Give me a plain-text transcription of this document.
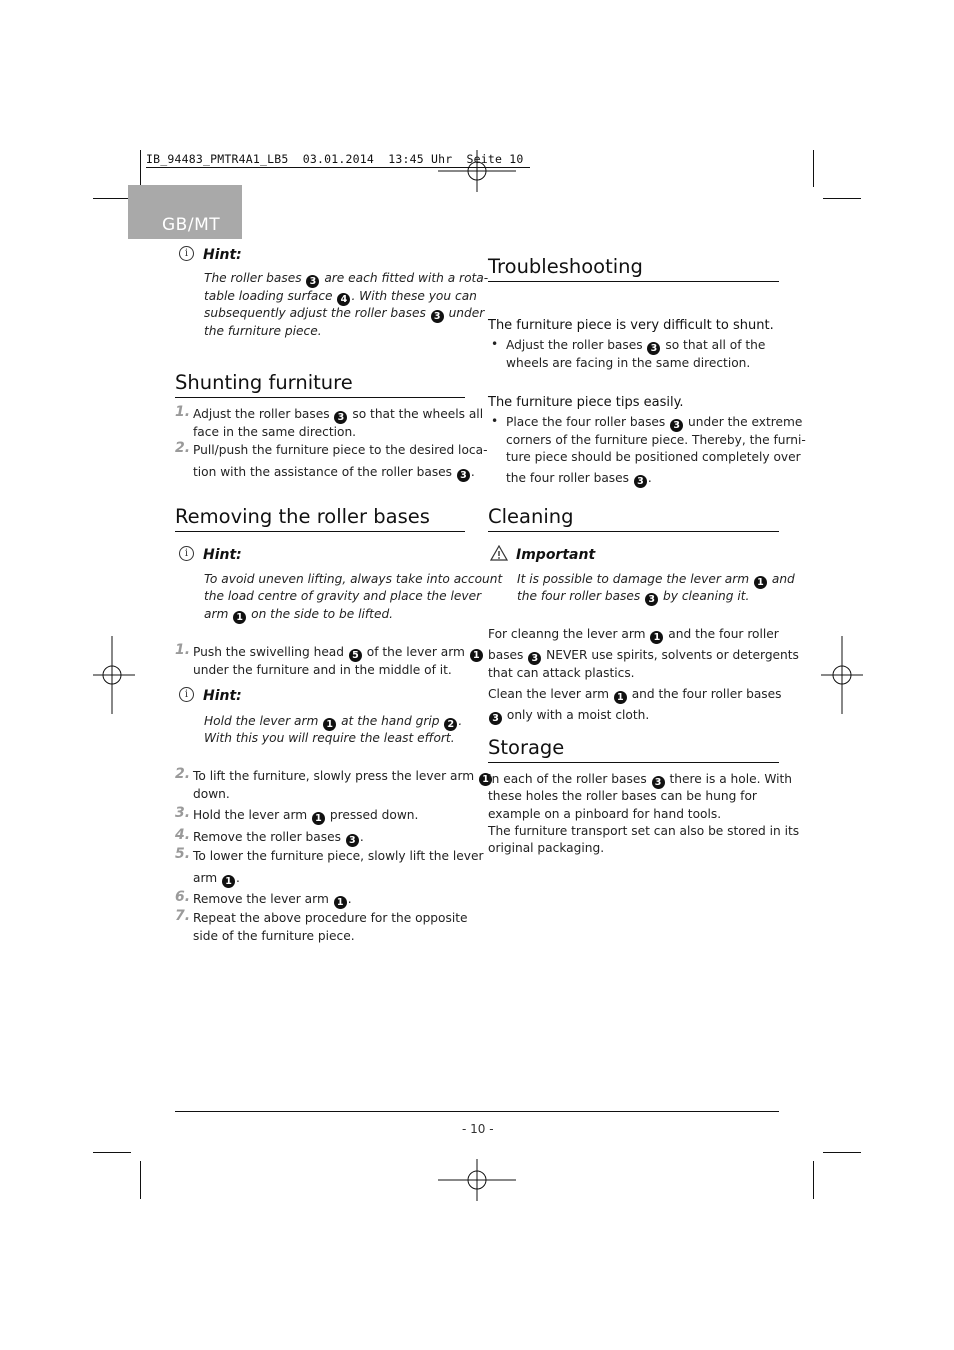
IB_94483_PMTR4A1_LB5  03.01.2014  13:45 Uhr  Seite 10
GB/MT
i	Hint:
The roller bases 3 are each fitted with a rota-
table loading surface 4 . With these you can
subsequently adjust the roller bases 3 under
the furniture piece.
Shunting furniture
1. Adjust the roller bases 3 so that the wheels all
face in the same direction.
2. Pull/push the furniture piece to the desired loca-
tion with the assistance of the roller bases 3 .
Removing the roller bases
i	Hint:
To avoid uneven lifting, always take into account
the load centre of gravity and place the lever
arm 1 on the side to be lifted.
1. Push the swivelling head 5 of the lever arm 1
under the furniture and in the middle of it.
i	Hint:
Hold the lever arm 1 at the hand grip 2 .
With this you will require the least effort.
2. To lift the furniture, slowly press the lever arm 1
down.
3. Hold the lever arm 1 pressed down.
4. Remove the roller bases 3 .
5. To lower the furniture piece, slowly lift the lever
arm 1 .
6. Remove the lever arm 1 .
7. Repeat the above procedure for the opposite
side of the furniture piece.
Troubleshooting
The furniture piece is very difficult to shunt.
• Adjust the roller bases 3 so that all of the
wheels are facing in the same direction.
The furniture piece tips easily.
• Place the four roller bases 3 under the extreme
corners of the furniture piece. Thereby, the furni-
ture piece should be positioned completely over
the four roller bases 3 .
Cleaning
Important
It is possible to damage the lever arm 1 and
the four roller bases 3 by cleaning it.
For cleanng the lever arm 1 and the four roller
bases 3 NEVER use spirits, solvents or detergents
that can attack plastics.
Clean the lever arm 1 and the four roller bases
3 only with a moist cloth.
Storage
In each of the roller bases 3 there is a hole. With
these holes the roller bases can be hung for
example on a pinboard for hand tools.
The furniture transport set can also be stored in its
original packaging.
- 10 -
